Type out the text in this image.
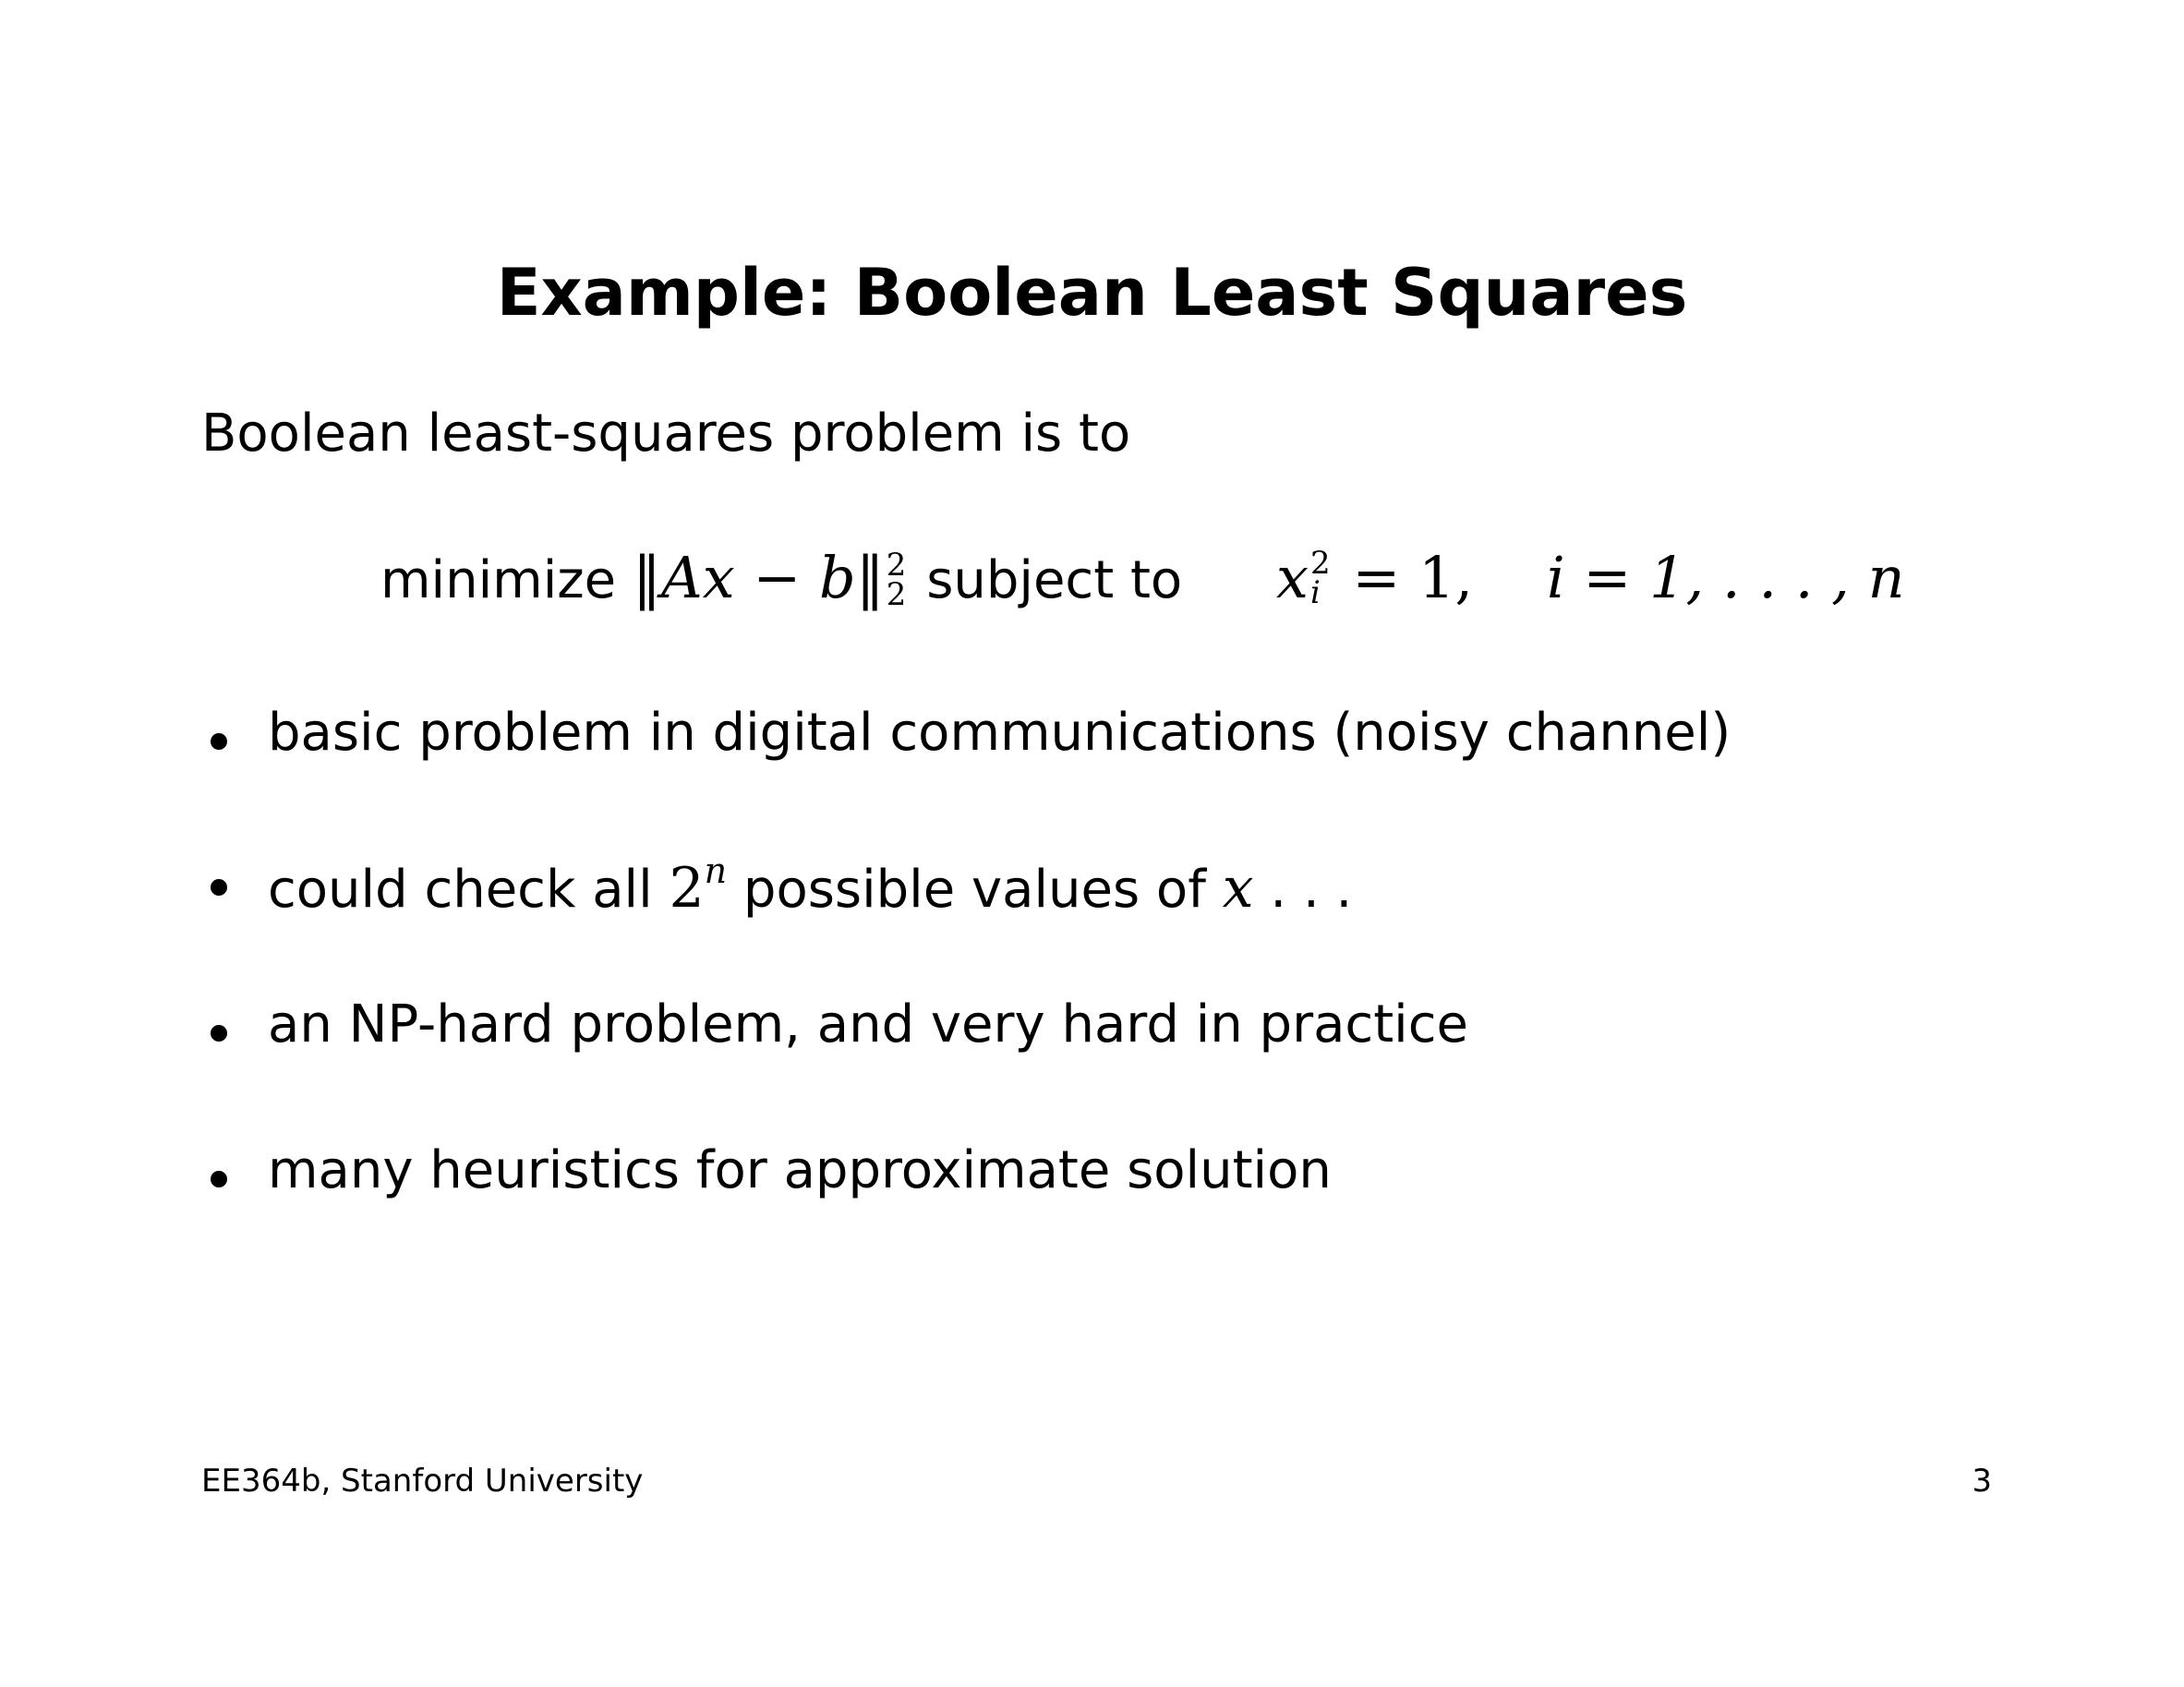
Example: Boolean Least Squares
Boolean least-squares problem is to
minimize ‖Ax − b‖ 2
2 subject to x 2
i = 1, i = 1, . . . , n
basic problem in digital communications (noisy channel)
could check all 2$^n$ possible values of x . . .
an NP-hard problem, and very hard in practice
many heuristics for approximate solution
EE364b, Stanford University	3
